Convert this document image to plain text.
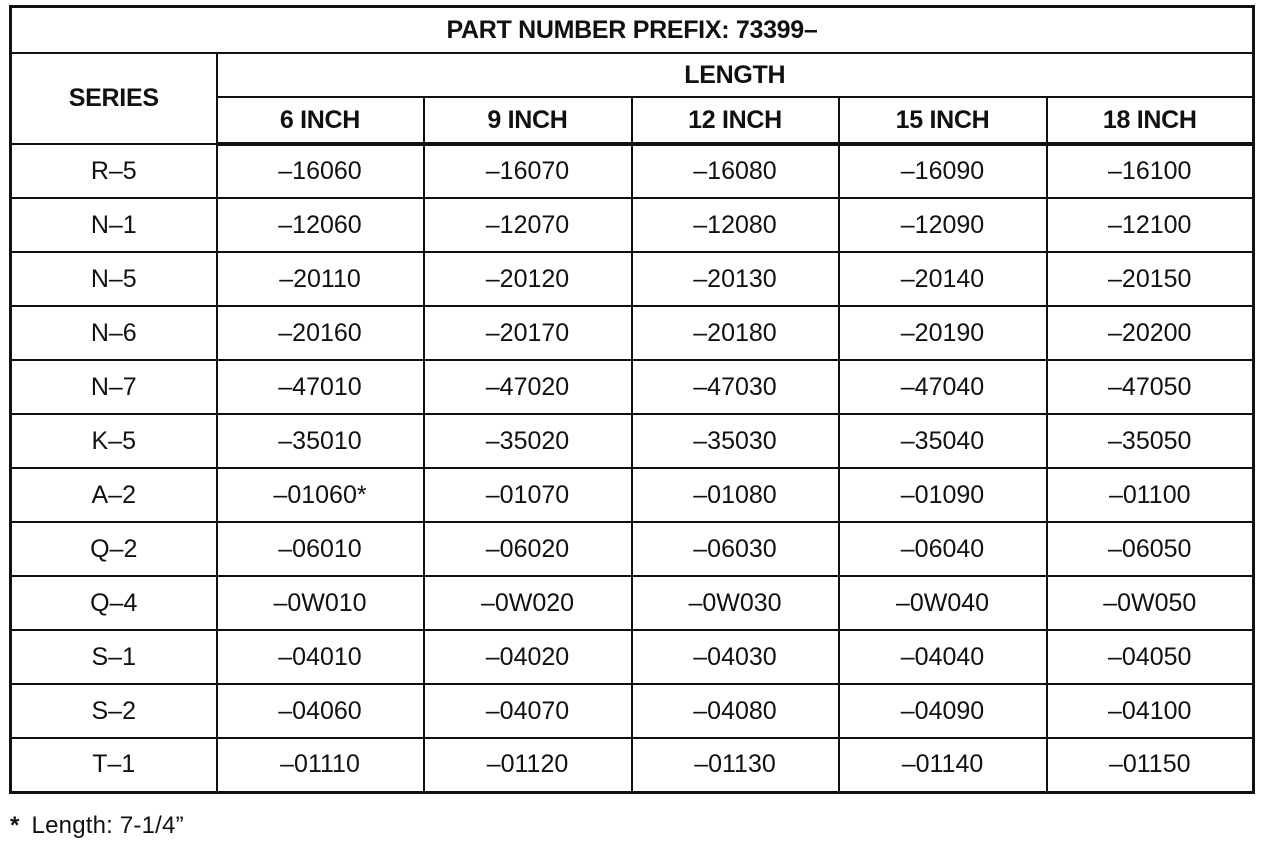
PART NUMBER PREFIX: 73399–					
SERIES	LENGTH				
	6 INCH	9 INCH	12 INCH	15 INCH	18 INCH
R–5	–16060	–16070	–16080	–16090	–16100
N–1	–12060	–12070	–12080	–12090	–12100
N–5	–20110	–20120	–20130	–20140	–20150
N–6	–20160	–20170	–20180	–20190	–20200
N–7	–47010	–47020	–47030	–47040	–47050
K–5	–35010	–35020	–35030	–35040	–35050
A–2	–01060*	–01070	–01080	–01090	–01100
Q–2	–06010	–06020	–06030	–06040	–06050
Q–4	–0W010	–0W020	–0W030	–0W040	–0W050
S–1	–04010	–04020	–04030	–04040	–04050
S–2	–04060	–04070	–04080	–04090	–04100
T–1	–01110	–01120	–01130	–01140	–01150
* Length: 7-1/4”
